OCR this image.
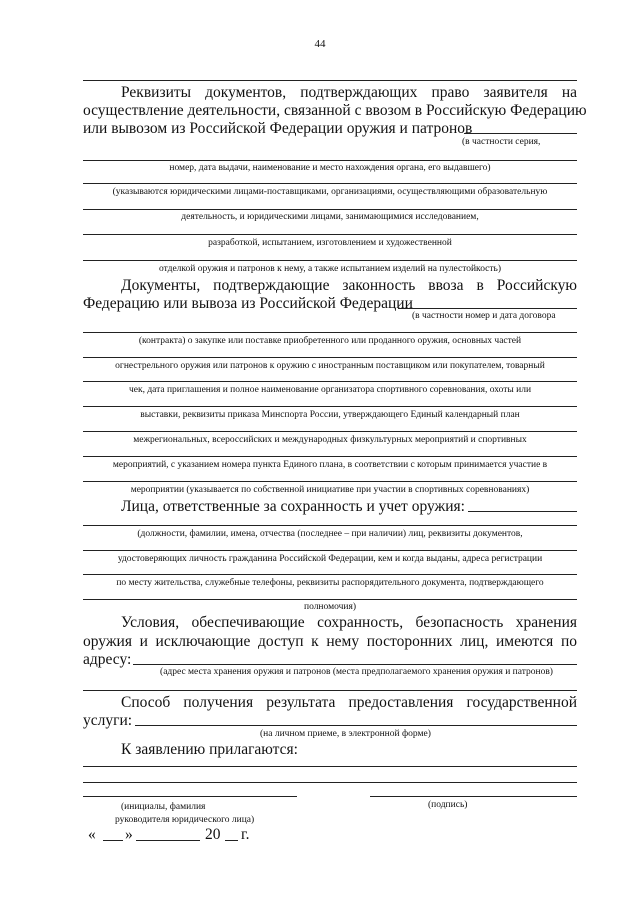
44
Реквизиты документов, подтверждающих право заявителя на
осуществление деятельности, связанной с ввозом в Российскую Федерацию
или вывозом из Российской Федерации оружия и патронов
(в частности серия,
номер, дата выдачи, наименование и место нахождения органа, его выдавшего)
(указываются юридическими лицами-поставщиками, организациями, осуществляющими образовательную
деятельность, и юридическими лицами, занимающимися исследованием,
разработкой, испытанием, изготовлением и художественной
отделкой оружия и патронов к нему, а также испытанием изделий на пулестойкость)
Документы, подтверждающие законность ввоза в Российскую
Федерацию или вывоза из Российской Федерации
(в частности номер и дата договора
(контракта) о закупке или поставке приобретенного или проданного оружия, основных частей
огнестрельного оружия или патронов к оружию с иностранным поставщиком или покупателем, товарный
чек, дата приглашения и полное наименование организатора спортивного соревнования, охоты или
выставки, реквизиты приказа Минспорта России, утверждающего Единый календарный план
межрегиональных, всероссийских и международных физкультурных мероприятий и спортивных
мероприятий, с указанием номера пункта Единого плана, в соответствии с которым принимается участие в
мероприятии (указывается по собственной инициативе при участии в спортивных соревнованиях)
Лица, ответственные за сохранность и учет оружия:
(должности, фамилии, имена, отчества (последнее – при наличии) лиц, реквизиты документов,
удостоверяющих личность гражданина Российской Федерации, кем и когда выданы, адреса регистрации
по месту жительства, служебные телефоны, реквизиты распорядительного документа, подтверждающего
полномочия)
Условия, обеспечивающие сохранность, безопасность хранения
оружия и исключающие доступ к нему посторонних лиц, имеются по
адресу:
(адрес места хранения оружия и патронов (места предполагаемого хранения оружия и патронов)
Способ получения результата предоставления государственной
услуги:
(на личном приеме, в электронной форме)
К заявлению прилагаются:
(инициалы, фамилия	(подпись)
руководителя юридического лица)
« »	20 г.
